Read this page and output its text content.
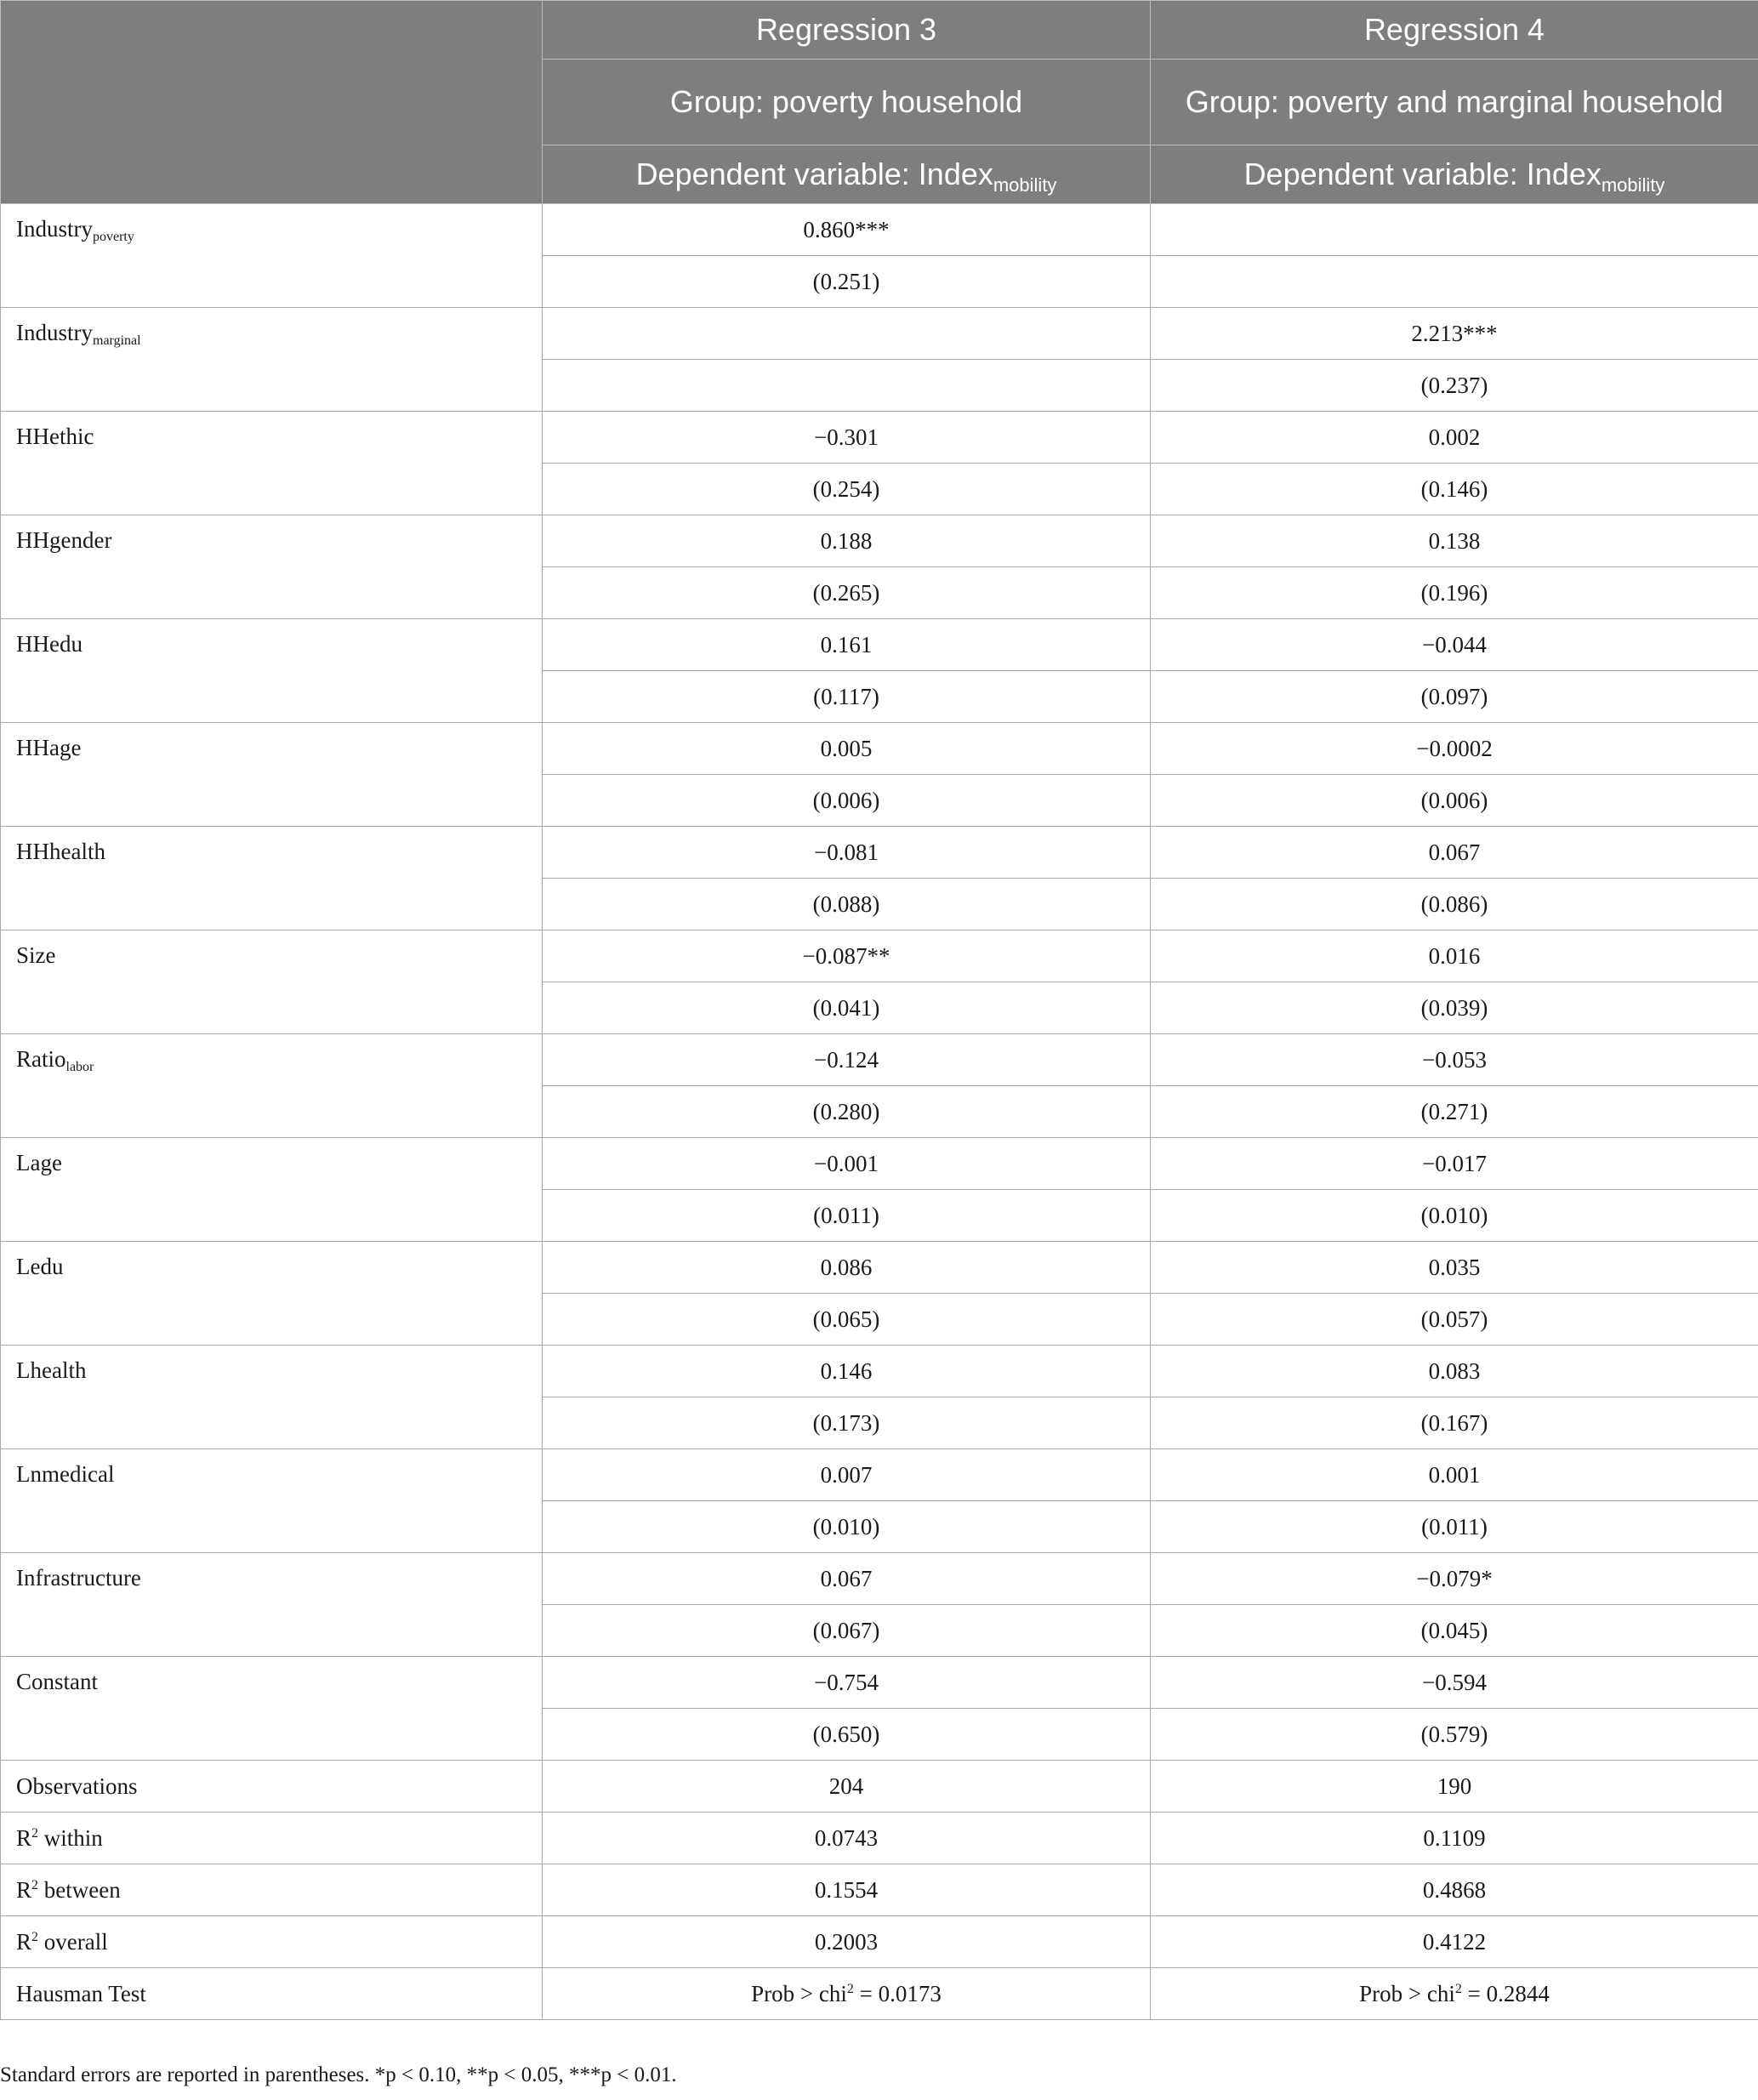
	Regression 3	Regression 4
	Group: poverty household	Group: poverty and marginal household
	Dependent variable: Index$_{mobility}$	Dependent variable: Index$_{mobility}$
Industry$_{poverty}$	0.860***	
	(0.251)	
Industry$_{marginal}$		2.213***
		(0.237)
HHethic	−0.301	0.002
	(0.254)	(0.146)
HHgender	0.188	0.138
	(0.265)	(0.196)
HHedu	0.161	−0.044
	(0.117)	(0.097)
HHage	0.005	−0.0002
	(0.006)	(0.006)
HHhealth	−0.081	0.067
	(0.088)	(0.086)
Size	−0.087**	0.016
	(0.041)	(0.039)
Ratio$_{labor}$	−0.124	−0.053
	(0.280)	(0.271)
Lage	−0.001	−0.017
	(0.011)	(0.010)
Ledu	0.086	0.035
	(0.065)	(0.057)
Lhealth	0.146	0.083
	(0.173)	(0.167)
Lnmedical	0.007	0.001
	(0.010)	(0.011)
Infrastructure	0.067	−0.079*
	(0.067)	(0.045)
Constant	−0.754	−0.594
	(0.650)	(0.579)
Observations	204	190
$R^2$ within	0.0743	0.1109
$R^2$ between	0.1554	0.4868
$R^2$ overall	0.2003	0.4122
Hausman Test	Prob > chi$^2$ = 0.0173	Prob > chi$^2$ = 0.2844
Standard errors are reported in parentheses. *p < 0.10, **p < 0.05, ***p < 0.01.
